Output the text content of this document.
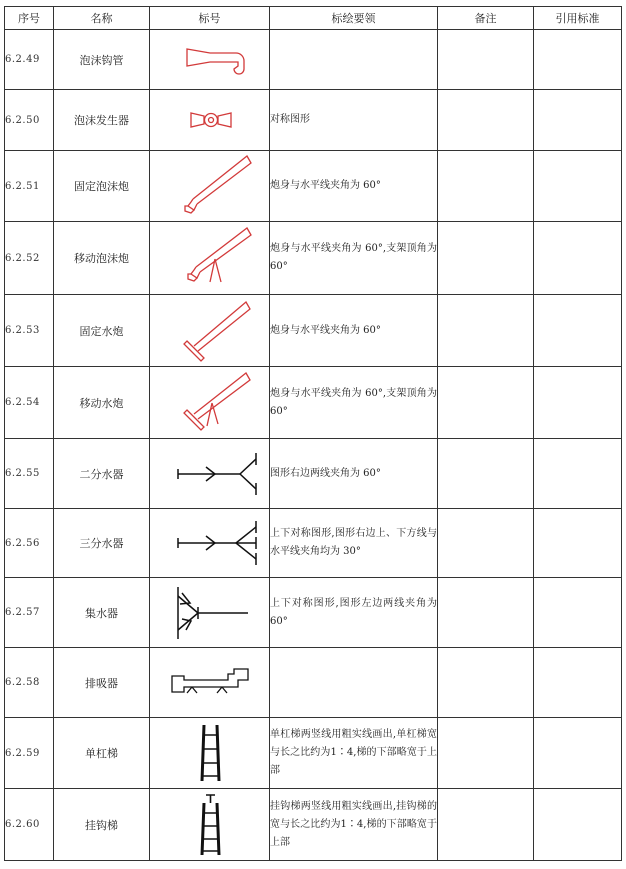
序号	名称	标号	标绘要领	备注	引用标准
6.2.49	泡沫钩管	

6.2.50	泡沫发生器		对称图形		
6.2.51	固定泡沫炮		炮身与水平线夹角为 60°		
6.2.52	移动泡沫炮		炮身与水平线夹角为 60°,支架顶角为 60°		
6.2.53	固定水炮		炮身与水平线夹角为 60°		
6.2.54	移动水炮		炮身与水平线夹角为 60°,支架顶角为 60°		
6.2.55	二分水器		图形右边两线夹角为 60°		
6.2.56	三分水器		上下对称图形,图形右边上、下方线与水平线夹角均为 30°		
6.2.57	集水器		上下对称图形,图形左边两线夹角为 60°		
6.2.58	排吸器	

6.2.59	单杠梯		单杠梯两竖线用粗实线画出,单杠梯宽与长之比约为1∶4,梯的下部略宽于上部		
6.2.60	挂钩梯		挂钩梯两竖线用粗实线画出,挂钩梯的宽与长之比约为1∶4,梯的下部略宽于上部		
